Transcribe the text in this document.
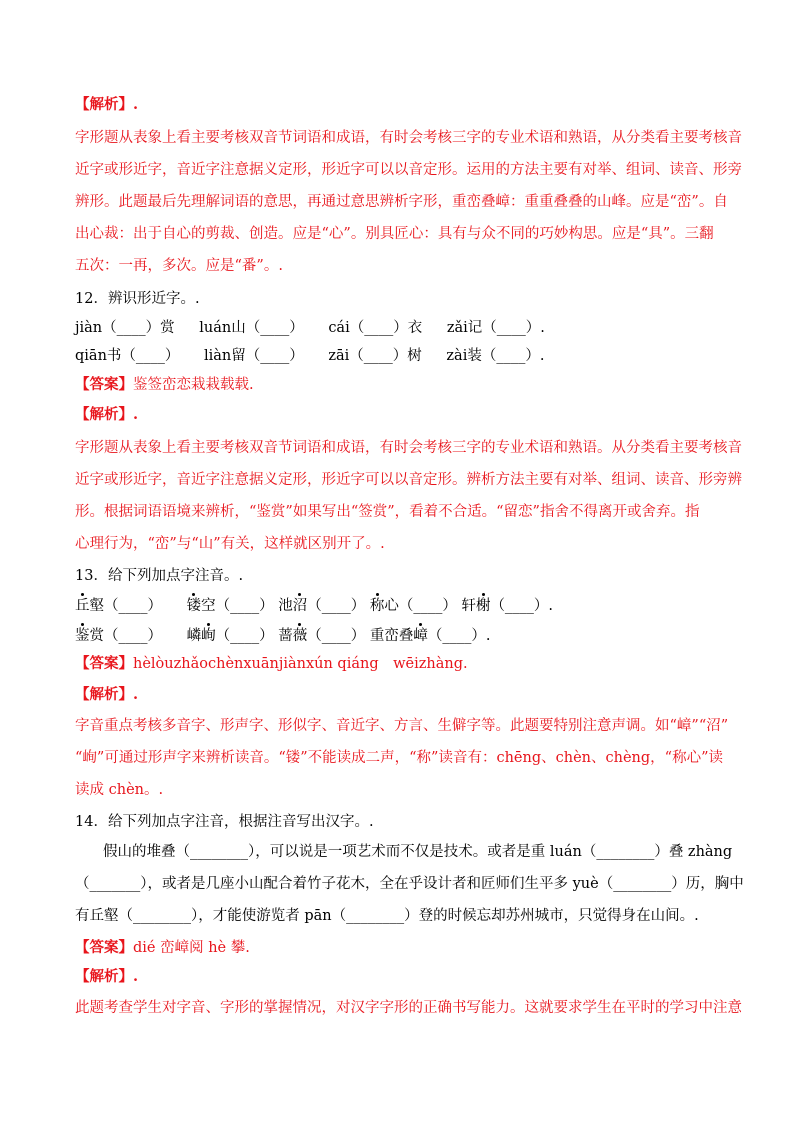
【解析】.
字形题从表象上看主要考核双音节词语和成语，有时会考核三字的专业术语和熟语，从分类看主要考核音
近字或形近字，音近字注意据义定形，形近字可以以音定形。运用的方法主要有对举、组词、读音、形旁
辨形。此题最后先理解词语的意思，再通过意思辨析字形，重峦叠嶂：重重叠叠的山峰。应是“峦”。自
出心裁：出于自心的剪裁、创造。应是“心”。别具匠心：具有与众不同的巧妙构思。应是“具”。三翻
五次：一再，多次。应是“番”。.
12．辨识形近字。.
jiàn（____）赏 luán山（____） cái（____）衣 zǎi记（____）.
qiān书（____） liàn留（____） zāi（____）树 zài装（____）.
【答案】鉴签峦恋栽栽载载.
【解析】.
字形题从表象上看主要考核双音节词语和成语，有时会考核三字的专业术语和熟语。从分类看主要考核音
近字或形近字，音近字注意据义定形，形近字可以以音定形。辨析方法主要有对举、组词、读音、形旁辨
形。根据词语语境来辨析，“鉴赏”如果写出“签赏”，看着不合适。“留恋”指舍不得离开或舍弃。指
心理行为，“峦”与“山”有关，这样就区别开了。.
13．给下列加点字注音。.
丘壑（____） 镂空（____） 池沼（____） 称心（____） 轩榭（____）.
鉴赏（____） 嶙峋（____） 蔷薇（____） 重峦叠嶂（____）.
【答案】hèlòuzhǎochènxuānjiànxún qiáng　wēizhàng.
【解析】.
字音重点考核多音字、形声字、形似字、音近字、方言、生僻字等。此题要特别注意声调。如“嶂”“沼”
“峋”可通过形声字来辨析读音。“镂”不能读成二声，“称”读音有：chēng、chèn、chèng，“称心”读
读成 chèn。.
14．给下列加点字注音，根据注音写出汉字。.
假山的堆叠（________），可以说是一项艺术而不仅是技术。或者是重 luán（________）叠 zhàng
（_______），或者是几座小山配合着竹子花木，全在乎设计者和匠师们生平多 yuè（________）历，胸中
有丘壑（________），才能使游览者 pān（________）登的时候忘却苏州城市，只觉得身在山间。.
【答案】dié 峦嶂阅 hè 攀.
【解析】.
此题考查学生对字音、字形的掌握情况，对汉字字形的正确书写能力。这就要求学生在平时的学习中注意
